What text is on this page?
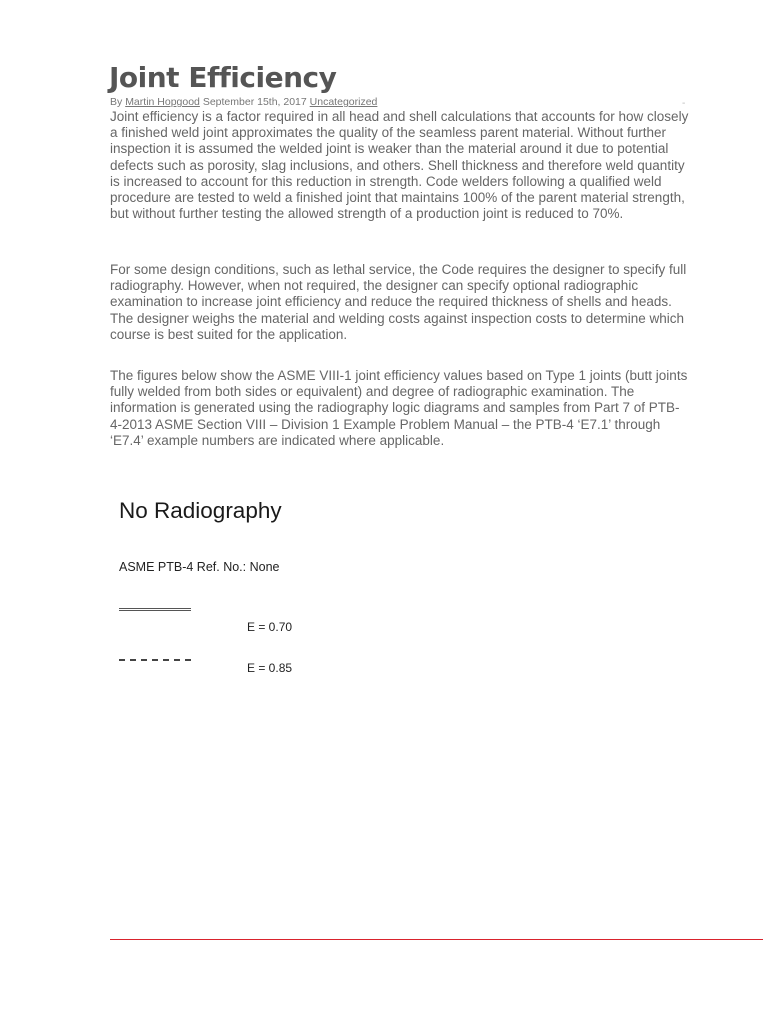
Joint Efficiency
By Martin Hopgood September 15th, 2017 Uncategorized	-

Joint efficiency is a factor required in all head and shell calculations that accounts for how closely a finished weld joint approximates the quality of the seamless parent material. Without further inspection it is assumed the welded joint is weaker than the material around it due to potential defects such as porosity, slag inclusions, and others. Shell thickness and therefore weld quantity is increased to account for this reduction in strength. Code welders following a qualified weld procedure are tested to weld a finished joint that maintains 100% of the parent material strength, but without further testing the allowed strength of a production joint is reduced to 70%.

For some design conditions, such as lethal service, the Code requires the designer to specify full radiography. However, when not required, the designer can specify optional radiographic examination to increase joint efficiency and reduce the required thickness of shells and heads. The designer weighs the material and welding costs against inspection costs to determine which course is best suited for the application.

The figures below show the ASME VIII-1 joint efficiency values based on Type 1 joints (butt joints fully welded from both sides or equivalent) and degree of radiographic examination. The information is generated using the radiography logic diagrams and samples from Part 7 of PTB-4-2013 ASME Section VIII – Division 1 Example Problem Manual – the PTB-4 ‘E7.1’ through ‘E7.4’ example numbers are indicated where applicable.

No Radiography
ASME PTB-4 Ref. No.: None
E = 0.70
E = 0.85
